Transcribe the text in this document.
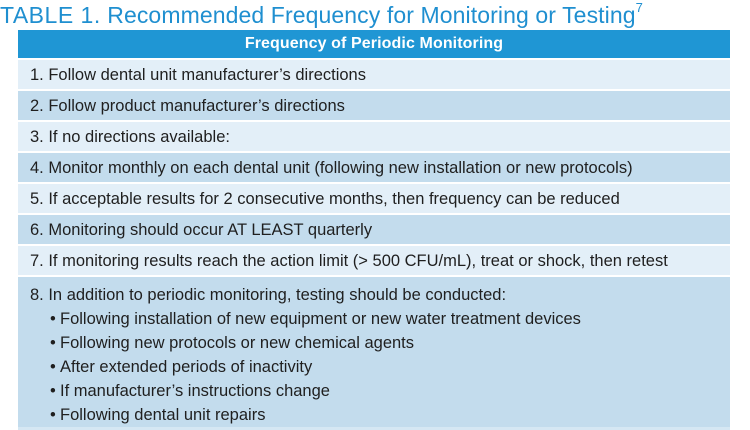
TABLE 1. Recommended Frequency for Monitoring or Testing$^7$
Frequency of Periodic Monitoring
1. Follow dental unit manufacturer’s directions
2. Follow product manufacturer’s directions
3. If no directions available:
4. Monitor monthly on each dental unit (following new installation or new protocols)
5. If acceptable results for 2 consecutive months, then frequency can be reduced
6. Monitoring should occur AT LEAST quarterly
7. If monitoring results reach the action limit (> 500 CFU/mL), treat or shock, then retest
8. In addition to periodic monitoring, testing should be conducted:
• Following installation of new equipment or new water treatment devices
• Following new protocols or new chemical agents
• After extended periods of inactivity
• If manufacturer’s instructions change
• Following dental unit repairs
